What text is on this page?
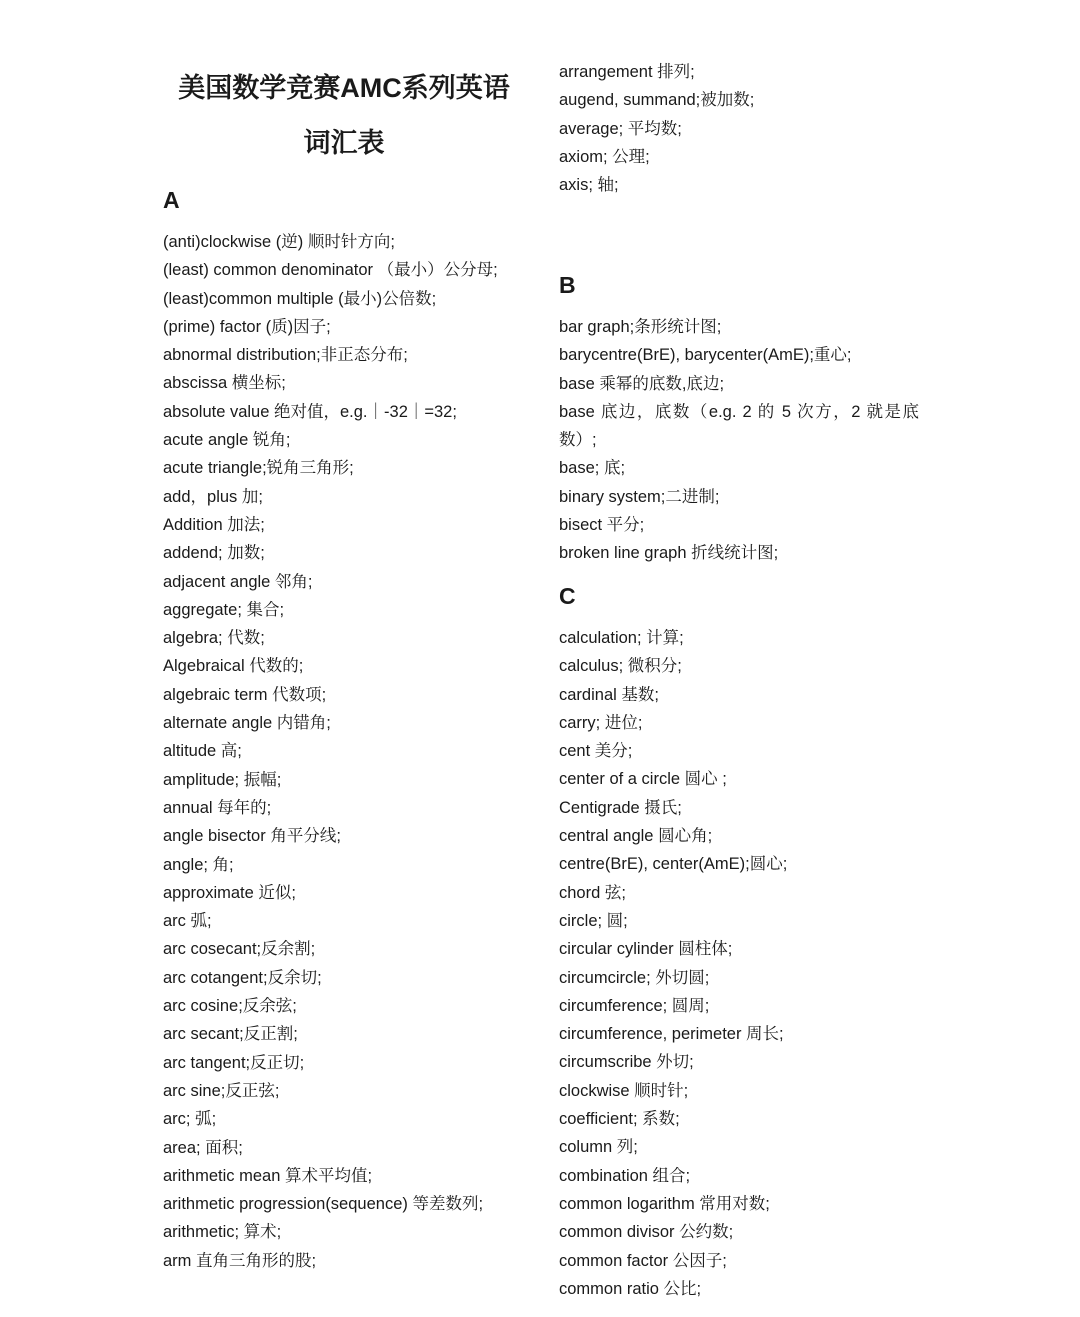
美国数学竞赛AMC系列英语
词汇表
A
(anti)clockwise (逆) 顺时针方向;
(least) common denominator （最小）公分母;
(least)common multiple (最小)公倍数;
(prime) factor (质)因子;
abnormal distribution;非正态分布;
abscissa 横坐标;
absolute value 绝对值，e.g.｜-32｜=32;
acute angle 锐角;
acute triangle;锐角三角形;
add，plus 加;
Addition 加法;
addend; 加数;
adjacent angle 邻角;
aggregate; 集合;
algebra; 代数;
Algebraical 代数的;
algebraic term 代数项;
alternate angle 内错角;
altitude 高;
amplitude; 振幅;
annual 每年的;
angle bisector 角平分线;
angle; 角;
approximate 近似;
arc 弧;
arc cosecant;反余割;
arc cotangent;反余切;
arc cosine;反余弦;
arc secant;反正割;
arc tangent;反正切;
arc sine;反正弦;
arc; 弧;
area; 面积;
arithmetic mean 算术平均值;
arithmetic progression(sequence) 等差数列;
arithmetic; 算术;
arm 直角三角形的股;
arrangement 排列;
augend, summand;被加数;
average; 平均数;
axiom; 公理;
axis; 轴;
B
bar graph;条形统计图;
barycentre(BrE), barycenter(AmE);重心;
base 乘幂的底数,底边;
base 底边，底数（e.g. 2 的 5 次方，2 就是底数）;
base; 底;
binary system;二进制;
bisect 平分;
broken line graph 折线统计图;
C
calculation; 计算;
calculus; 微积分;
cardinal 基数;
carry; 进位;
cent 美分;
center of a circle 圆心 ;
Centigrade 摄氏;
central angle 圆心角;
centre(BrE), center(AmE);圆心;
chord 弦;
circle; 圆;
circular cylinder 圆柱体;
circumcircle; 外切圆;
circumference; 圆周;
circumference, perimeter 周长;
circumscribe 外切;
clockwise 顺时针;
coefficient; 系数;
column 列;
combination 组合;
common logarithm 常用对数;
common divisor 公约数;
common factor 公因子;
common ratio 公比;
